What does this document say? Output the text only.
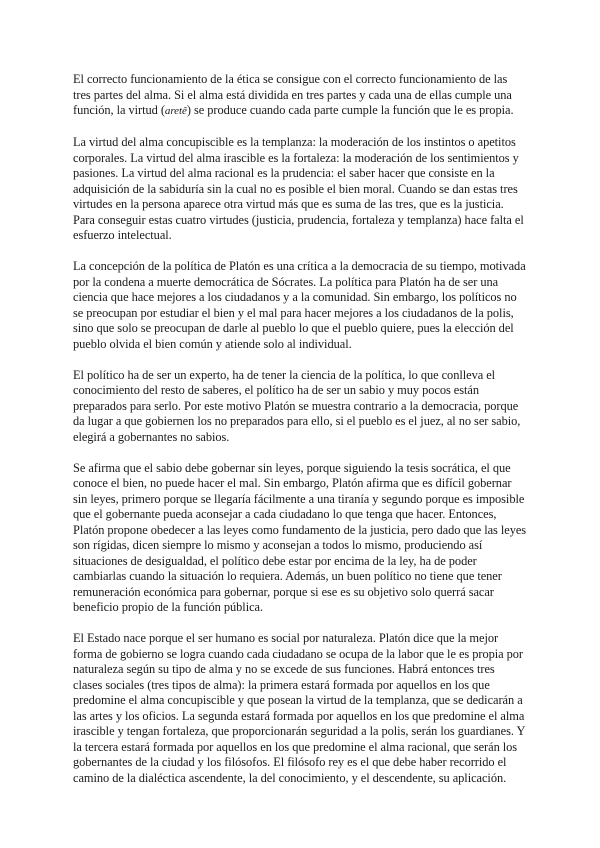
El correcto funcionamiento de la ética se consigue con el correcto funcionamiento de las tres partes del alma. Si el alma está dividida en tres partes y cada una de ellas cumple una función, la virtud (aretê) se produce cuando cada parte cumple la función que le es propia.

La virtud del alma concupiscible es la templanza: la moderación de los instintos o apetitos corporales. La virtud del alma irascible es la fortaleza: la moderación de los sentimientos y pasiones. La virtud del alma racional es la prudencia: el saber hacer que consiste en la adquisición de la sabiduría sin la cual no es posible el bien moral. Cuando se dan estas tres virtudes en la persona aparece otra virtud más que es suma de las tres, que es la justicia. Para conseguir estas cuatro virtudes (justicia, prudencia, fortaleza y templanza) hace falta el esfuerzo intelectual.

La concepción de la política de Platón es una crítica a la democracia de su tiempo, motivada por la condena a muerte democrática de Sócrates. La política para Platón ha de ser una ciencia que hace mejores a los ciudadanos y a la comunidad. Sin embargo, los políticos no se preocupan por estudiar el bien y el mal para hacer mejores a los ciudadanos de la polis, sino que solo se preocupan de darle al pueblo lo que el pueblo quiere, pues la elección del pueblo olvida el bien común y atiende solo al individual.

El político ha de ser un experto, ha de tener la ciencia de la política, lo que conlleva el conocimiento del resto de saberes, el político ha de ser un sabio y muy pocos están preparados para serlo. Por este motivo Platón se muestra contrario a la democracia, porque da lugar a que gobiernen los no preparados para ello, si el pueblo es el juez, al no ser sabio, elegirá a gobernantes no sabios.

Se afirma que el sabio debe gobernar sin leyes, porque siguiendo la tesis socrática, el que conoce el bien, no puede hacer el mal. Sin embargo, Platón afirma que es difícil gobernar sin leyes, primero porque se llegaría fácilmente a una tiranía y segundo porque es imposible que el gobernante pueda aconsejar a cada ciudadano lo que tenga que hacer. Entonces, Platón propone obedecer a las leyes como fundamento de la justicia, pero dado que las leyes son rígidas, dicen siempre lo mismo y aconsejan a todos lo mismo, produciendo así situaciones de desigualdad, el político debe estar por encima de la ley, ha de poder cambiarlas cuando la situación lo requiera. Además, un buen político no tiene que tener remuneración económica para gobernar, porque si ese es su objetivo solo querrá sacar beneficio propio de la función pública.

El Estado nace porque el ser humano es social por naturaleza. Platón dice que la mejor forma de gobierno se logra cuando cada ciudadano se ocupa de la labor que le es propia por naturaleza según su tipo de alma y no se excede de sus funciones. Habrá entonces tres clases sociales (tres tipos de alma): la primera estará formada por aquellos en los que predomine el alma concupiscible y que posean la virtud de la templanza, que se dedicarán a las artes y los oficios. La segunda estará formada por aquellos en los que predomine el alma irascible y tengan fortaleza, que proporcionarán seguridad a la polis, serán los guardianes. Y la tercera estará formada por aquellos en los que predomine el alma racional, que serán los gobernantes de la ciudad y los filósofos. El filósofo rey es el que debe haber recorrido el camino de la dialéctica ascendente, la del conocimiento, y el descendente, su aplicación.
